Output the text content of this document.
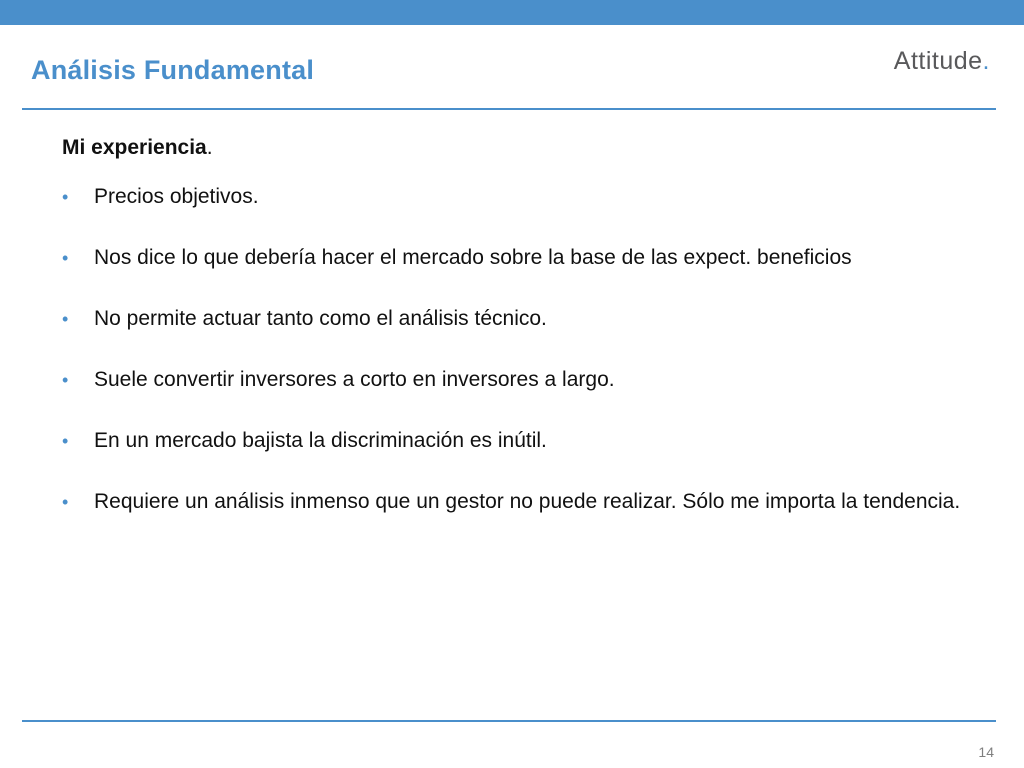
Análisis Fundamental	Attitude.

Mi experiencia.

• Precios objetivos.
• Nos dice lo que debería hacer el mercado sobre la base de las expect. beneficios
• No permite actuar tanto como el análisis técnico.
• Suele convertir inversores a corto en inversores a largo.
• En un mercado bajista la discriminación es inútil.
• Requiere un análisis inmenso que un gestor no puede realizar. Sólo me importa la tendencia.
14
